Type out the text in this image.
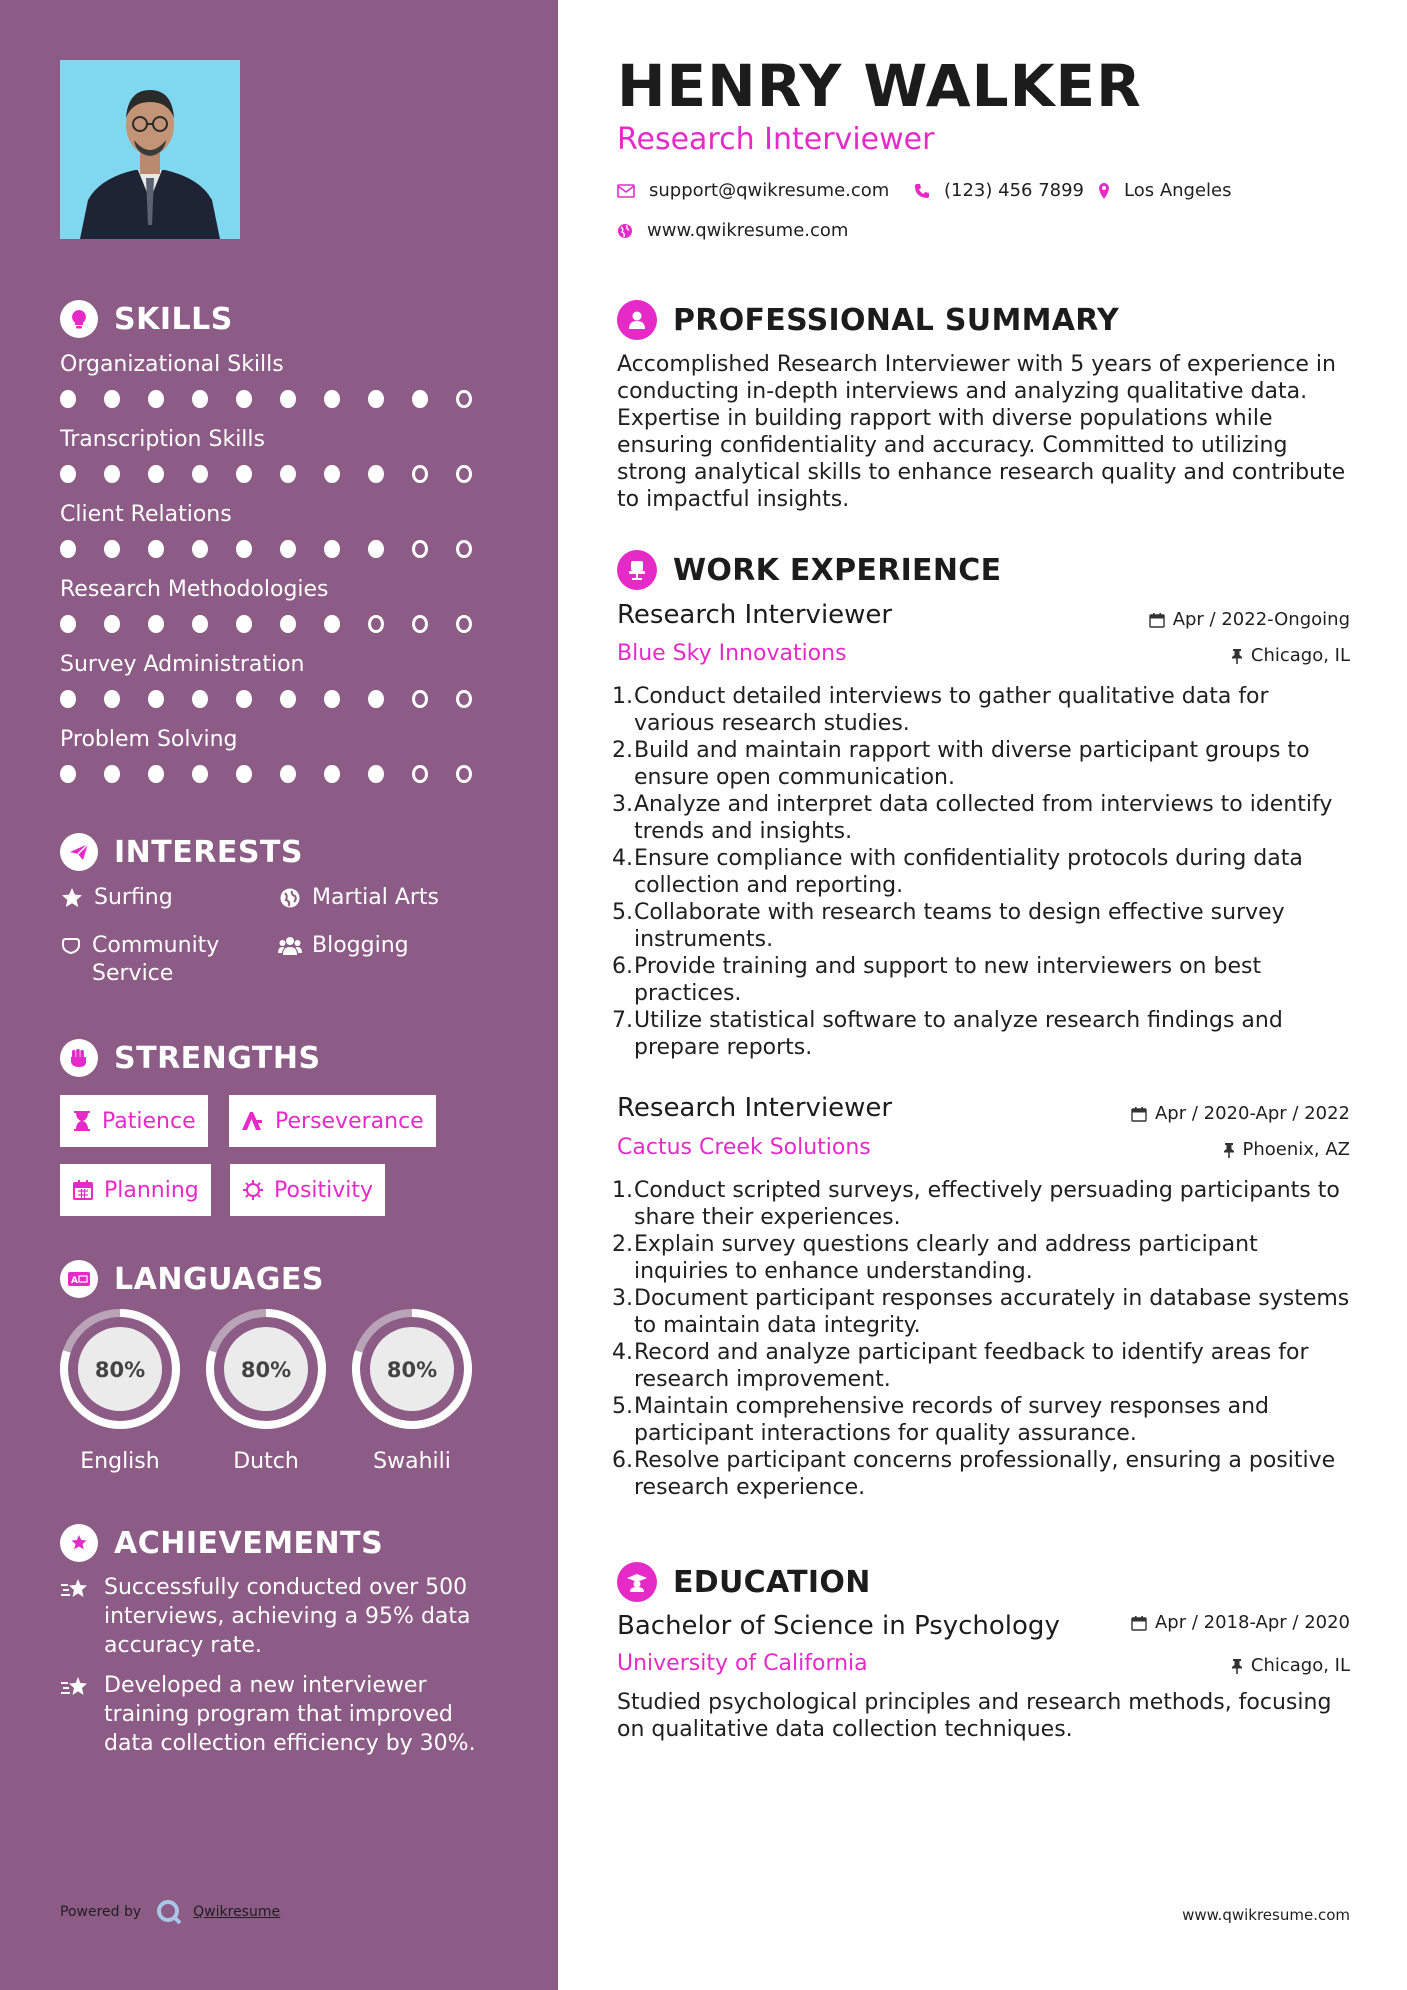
SKILLS
Organizational Skills
Transcription Skills
Client Relations
Research Methodologies
Survey Administration
Problem Solving
INTERESTS
Surfing	Martial Arts
Community Service
Blogging
STRENGTHS
Patience	Perseverance
Planning	Positivity
A LANGUAGES
80%
English
80%
Dutch
80%
Swahili
ACHIEVEMENTS
Successfully conducted over 500 interviews, achieving a 95% data accuracy rate.
Developed a new interviewer training program that improved data collection efficiency by 30%.
Powered by	Qwikresume
HENRY WALKER
Research Interviewer
support@qwikresume.com	(123) 456 7899 Los Angeles
www.qwikresume.com
PROFESSIONAL SUMMARY
Accomplished Research Interviewer with 5 years of experience in conducting in-depth interviews and analyzing qualitative data. Expertise in building rapport with diverse populations while ensuring confidentiality and accuracy. Committed to utilizing strong analytical skills to enhance research quality and contribute to impactful insights.
WORK EXPERIENCE
Research Interviewer	Apr / 2022-Ongoing
Blue Sky Innovations	Chicago, IL
1. Conduct detailed interviews to gather qualitative data for various research studies.
2. Build and maintain rapport with diverse participant groups to ensure open communication.
3. Analyze and interpret data collected from interviews to identify trends and insights.
4. Ensure compliance with confidentiality protocols during data collection and reporting.
5. Collaborate with research teams to design effective survey instruments.
6. Provide training and support to new interviewers on best practices.
7. Utilize statistical software to analyze research findings and prepare reports.
Research Interviewer	Apr / 2020-Apr / 2022
Cactus Creek Solutions	Phoenix, AZ
1. Conduct scripted surveys, effectively persuading participants to share their experiences.
2. Explain survey questions clearly and address participant inquiries to enhance understanding.
3. Document participant responses accurately in database systems to maintain data integrity.
4. Record and analyze participant feedback to identify areas for research improvement.
5. Maintain comprehensive records of survey responses and participant interactions for quality assurance.
6. Resolve participant concerns professionally, ensuring a positive research experience.
EDUCATION
Bachelor of Science in Psychology	Apr / 2018-Apr / 2020
University of California	Chicago, IL
Studied psychological principles and research methods, focusing on qualitative data collection techniques.
www.qwikresume.com
